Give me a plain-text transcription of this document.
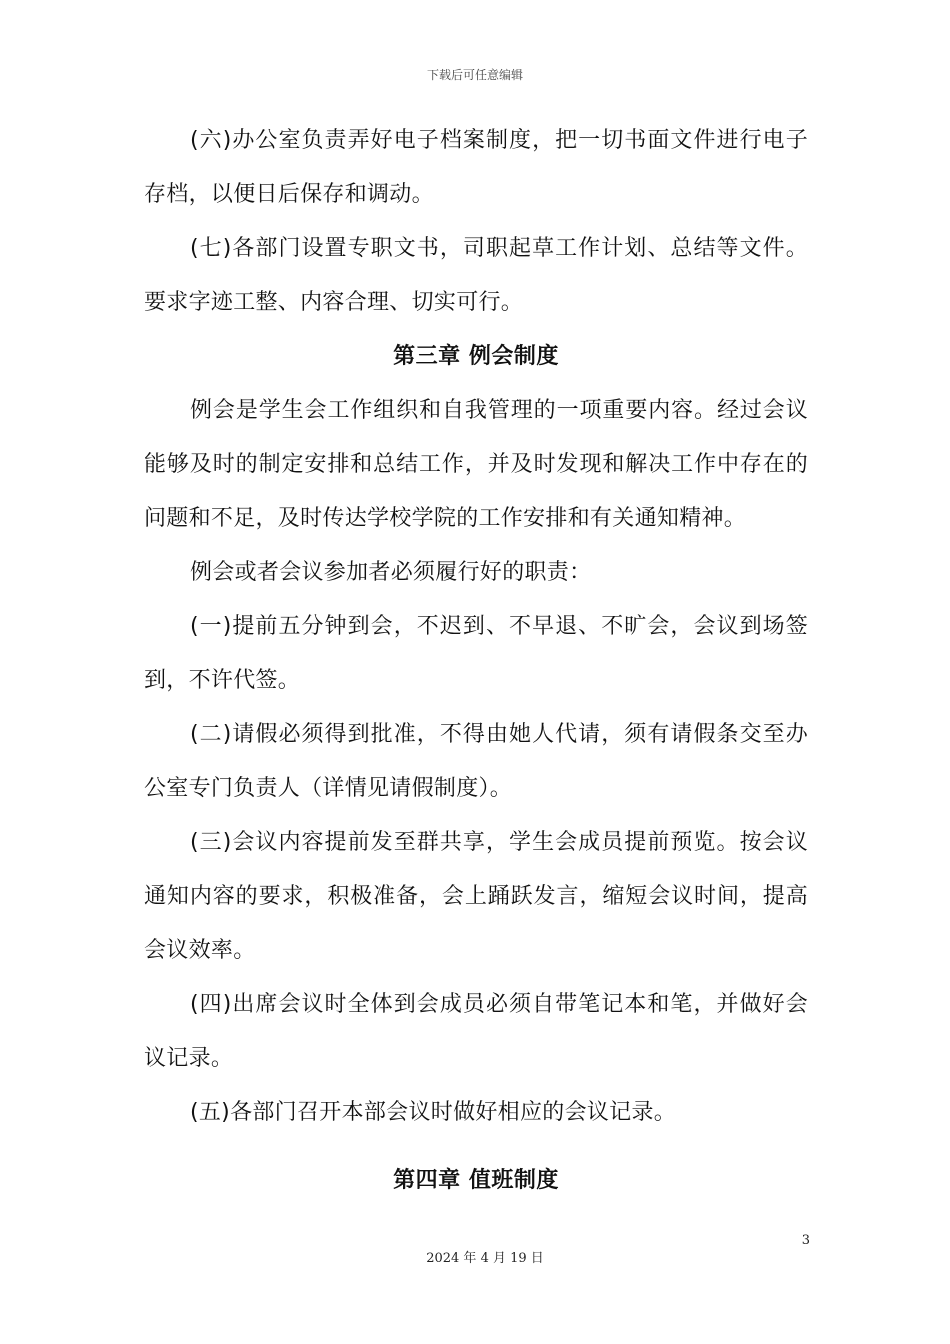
下载后可任意编辑

(六)办公室负责弄好电子档案制度，把一切书面文件进行电子存档，以便日后保存和调动。

(七)各部门设置专职文书，司职起草工作计划、总结等文件。要求字迹工整、内容合理、切实可行。

第三章 例会制度

例会是学生会工作组织和自我管理的一项重要内容。经过会议能够及时的制定安排和总结工作，并及时发现和解决工作中存在的问题和不足，及时传达学校学院的工作安排和有关通知精神。

例会或者会议参加者必须履行好的职责：

(一)提前五分钟到会，不迟到、不早退、不旷会，会议到场签到，不许代签。

(二)请假必须得到批准，不得由她人代请，须有请假条交至办公室专门负责人（详情见请假制度）。

(三)会议内容提前发至群共享，学生会成员提前预览。按会议通知内容的要求，积极准备，会上踊跃发言，缩短会议时间，提高会议效率。

(四)出席会议时全体到会成员必须自带笔记本和笔，并做好会议记录。

(五)各部门召开本部会议时做好相应的会议记录。

第四章 值班制度
3
2024 年 4 月 19 日
